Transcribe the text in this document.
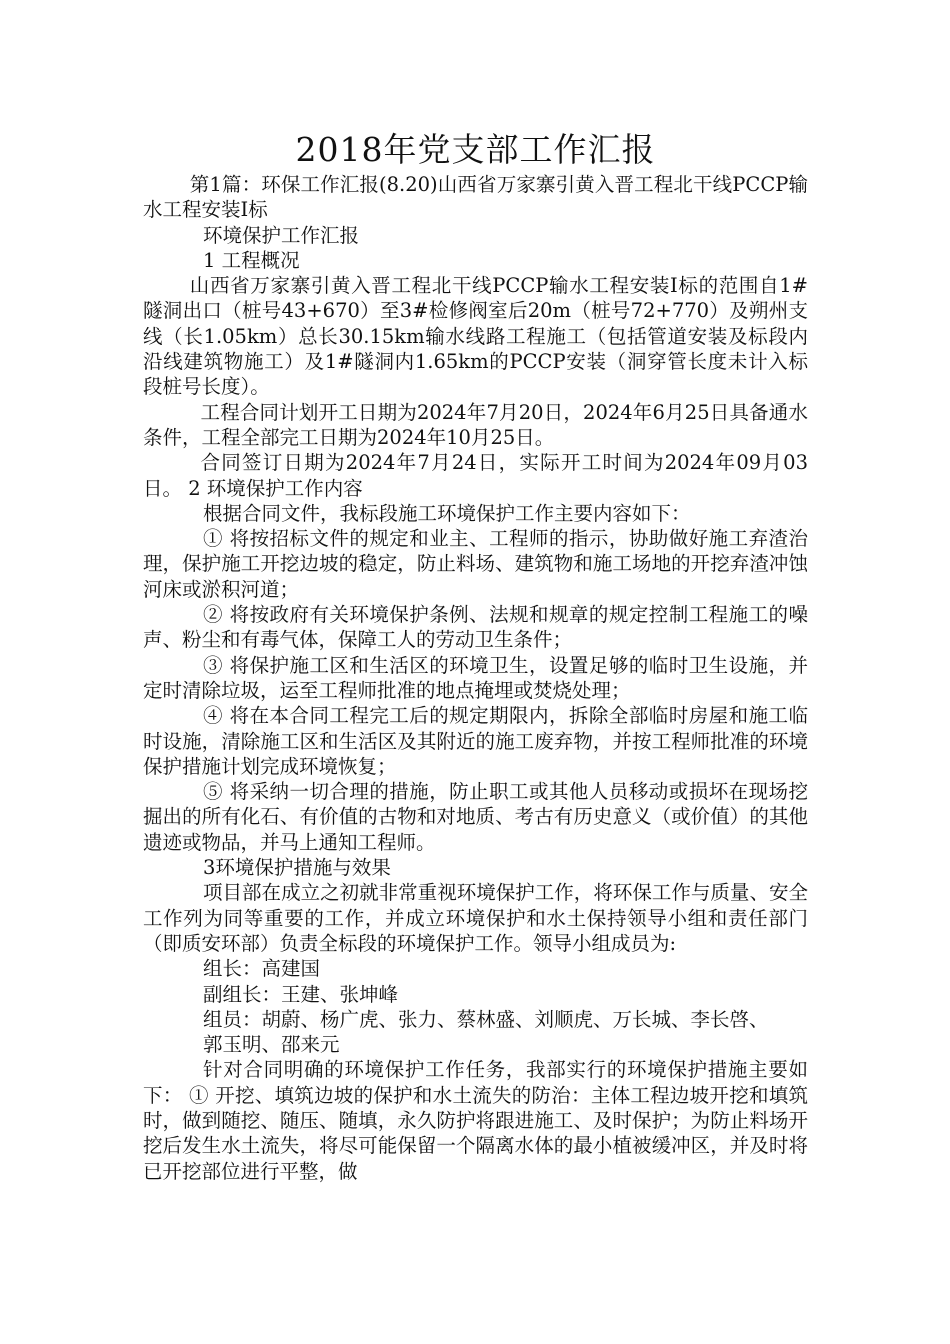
2018年党支部工作汇报

第1篇：环保工作汇报(8.20)山西省万家寨引黄入晋工程北干线PCCP输水工程安装Ⅰ标

环境保护工作汇报

1 工程概况

山西省万家寨引黄入晋工程北干线PCCP输水工程安装Ⅰ标的范围自1#隧洞出口（桩号43+670）至3#检修阀室后20m（桩号72+770）及朔州支线（长1.05km）总长30.15km输水线路工程施工（包括管道安装及标段内沿线建筑物施工）及1#隧洞内1.65km的PCCP安装（洞穿管长度未计入标段桩号长度）。

工程合同计划开工日期为2024年7月20日，2024年6月25日具备通水条件，工程全部完工日期为2024年10月25日。

合同签订日期为2024年7月24日，实际开工时间为2024年09月03日。 2 环境保护工作内容

根据合同文件，我标段施工环境保护工作主要内容如下：

① 将按招标文件的规定和业主、工程师的指示，协助做好施工弃渣治理，保护施工开挖边坡的稳定，防止料场、建筑物和施工场地的开挖弃渣冲蚀河床或淤积河道；

② 将按政府有关环境保护条例、法规和规章的规定控制工程施工的噪声、粉尘和有毒气体，保障工人的劳动卫生条件；

③ 将保护施工区和生活区的环境卫生，设置足够的临时卫生设施，并定时清除垃圾，运至工程师批准的地点掩埋或焚烧处理；

④ 将在本合同工程完工后的规定期限内，拆除全部临时房屋和施工临时设施，清除施工区和生活区及其附近的施工废弃物，并按工程师批准的环境保护措施计划完成环境恢复；

⑤ 将采纳一切合理的措施，防止职工或其他人员移动或损坏在现场挖掘出的所有化石、有价值的古物和对地质、考古有历史意义（或价值）的其他遗迹或物品，并马上通知工程师。

3环境保护措施与效果

项目部在成立之初就非常重视环境保护工作，将环保工作与质量、安全工作列为同等重要的工作，并成立环境保护和水土保持领导小组和责任部门（即质安环部）负责全标段的环境保护工作。领导小组成员为:

组长：高建国

副组长：王建、张坤峰

组员：胡蔚、杨广虎、张力、蔡林盛、刘顺虎、万长城、李长啓、

郭玉明、邵来元

针对合同明确的环境保护工作任务，我部实行的环境保护措施主要如下： ① 开挖、填筑边坡的保护和水土流失的防治：主体工程边坡开挖和填筑时，做到随挖、随压、随填，永久防护将跟进施工、及时保护；为防止料场开挖后发生水土流失，将尽可能保留一个隔离水体的最小植被缓冲区，并及时将已开挖部位进行平整，做
